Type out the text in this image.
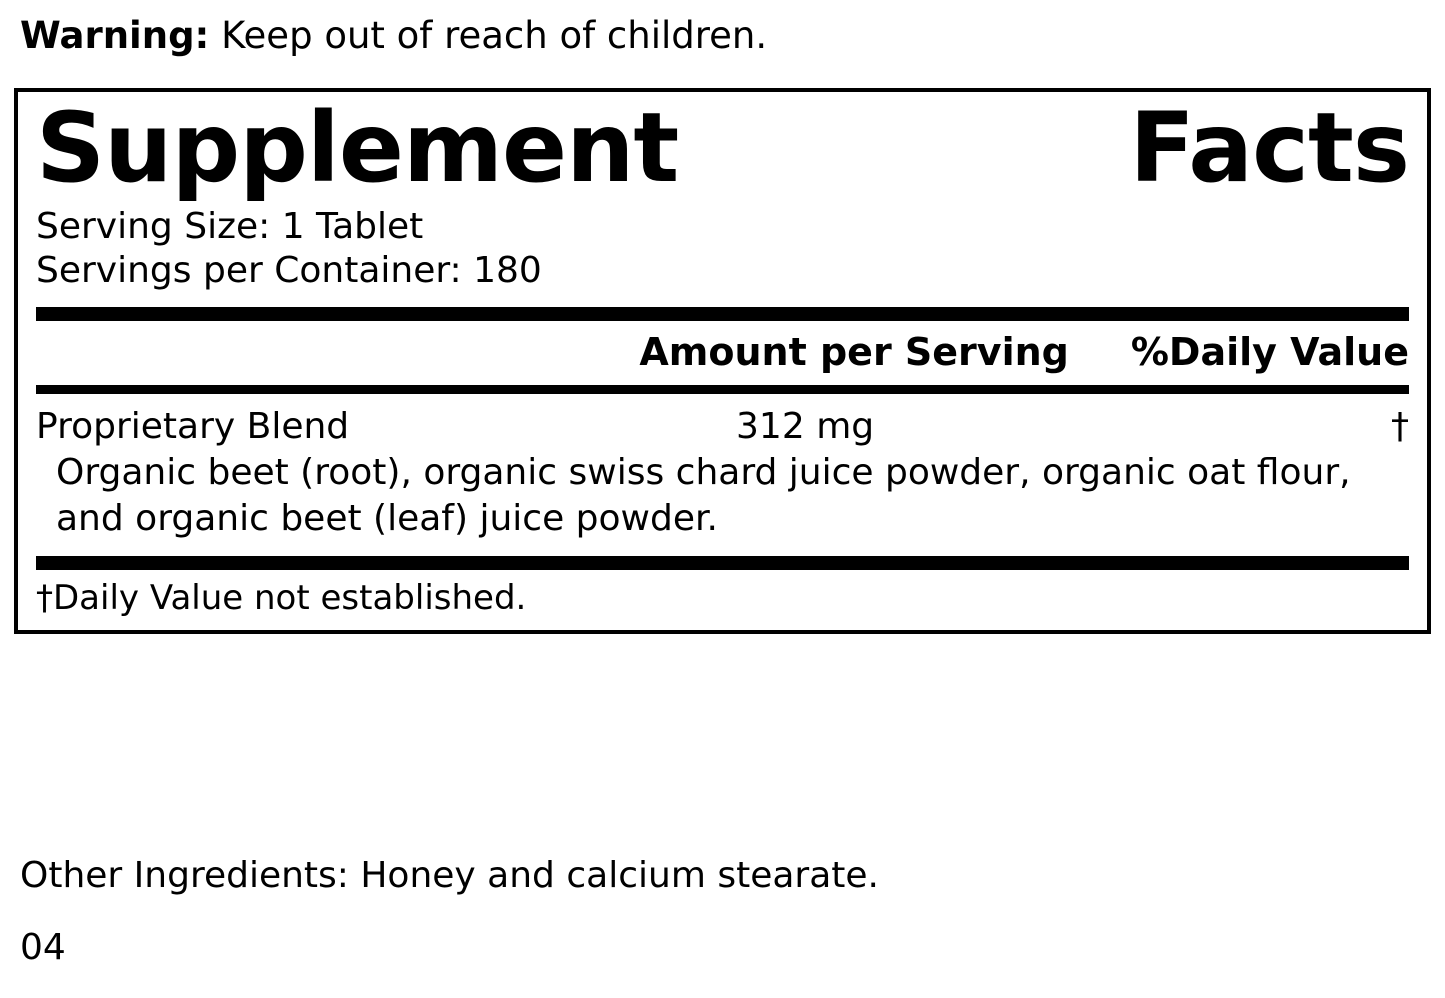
Warning: Keep out of reach of children.
Supplement	Facts
Serving Size: 1 Tablet
Servings per Container: 180
Amount per Serving %Daily Value
Proprietary Blend	312 mg	†
Organic beet (root), organic swiss chard juice powder, organic oat flour, and organic beet (leaf) juice powder.
†Daily Value not established.
Other Ingredients: Honey and calcium stearate.
04
